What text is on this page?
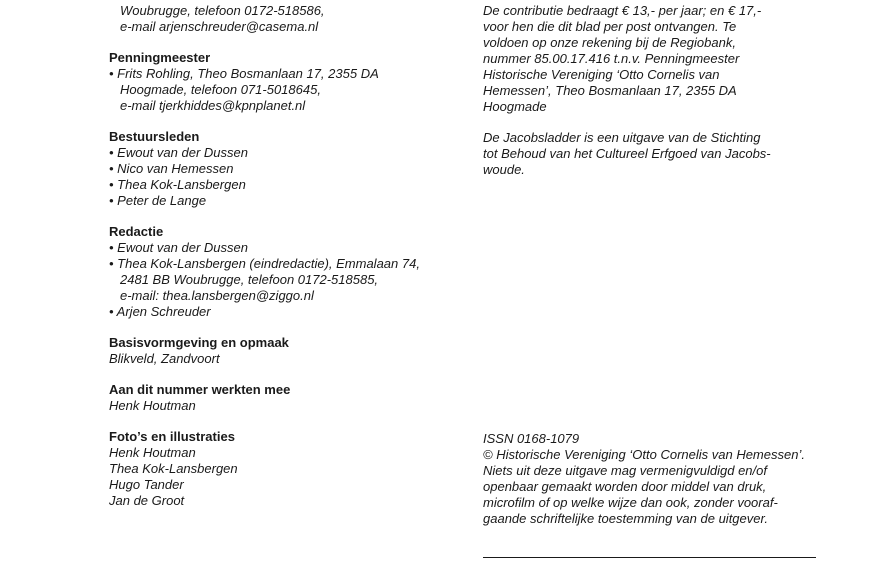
Woubrugge, telefoon 0172-518586,
e-mail arjenschreuder@casema.nl
Penningmeester
• Frits Rohling, Theo Bosmanlaan 17, 2355 DA
Hoogmade, telefoon 071-5018645,
e-mail tjerkhiddes@kpnplanet.nl
Bestuursleden
• Ewout van der Dussen
• Nico van Hemessen
• Thea Kok-Lansbergen
• Peter de Lange
Redactie
• Ewout van der Dussen
• Thea Kok-Lansbergen (eindredactie), Emmalaan 74,
2481 BB Woubrugge, telefoon 0172-518585,
e-mail: thea.lansbergen@ziggo.nl
• Arjen Schreuder
Basisvormgeving en opmaak
Blikveld, Zandvoort
Aan dit nummer werkten mee
Henk Houtman
Foto’s en illustraties
Henk Houtman
Thea Kok-Lansbergen
Hugo Tander
Jan de Groot
De contributie bedraagt € 13,- per jaar; en € 17,-
voor hen die dit blad per post ontvangen. Te
voldoen op onze rekening bij de Regiobank,
nummer 85.00.17.416 t.n.v. Penningmeester
Historische Vereniging ‘Otto Cornelis van
Hemessen’, Theo Bosmanlaan 17, 2355 DA
Hoogmade
De Jacobsladder is een uitgave van de Stichting
tot Behoud van het Cultureel Erfgoed van Jacobs-
woude.
ISSN 0168-1079
© Historische Vereniging ‘Otto Cornelis van Hemessen’.
Niets uit deze uitgave mag vermenigvuldigd en/of
openbaar gemaakt worden door middel van druk,
microfilm of op welke wijze dan ook, zonder vooraf-
gaande schriftelijke toestemming van de uitgever.
